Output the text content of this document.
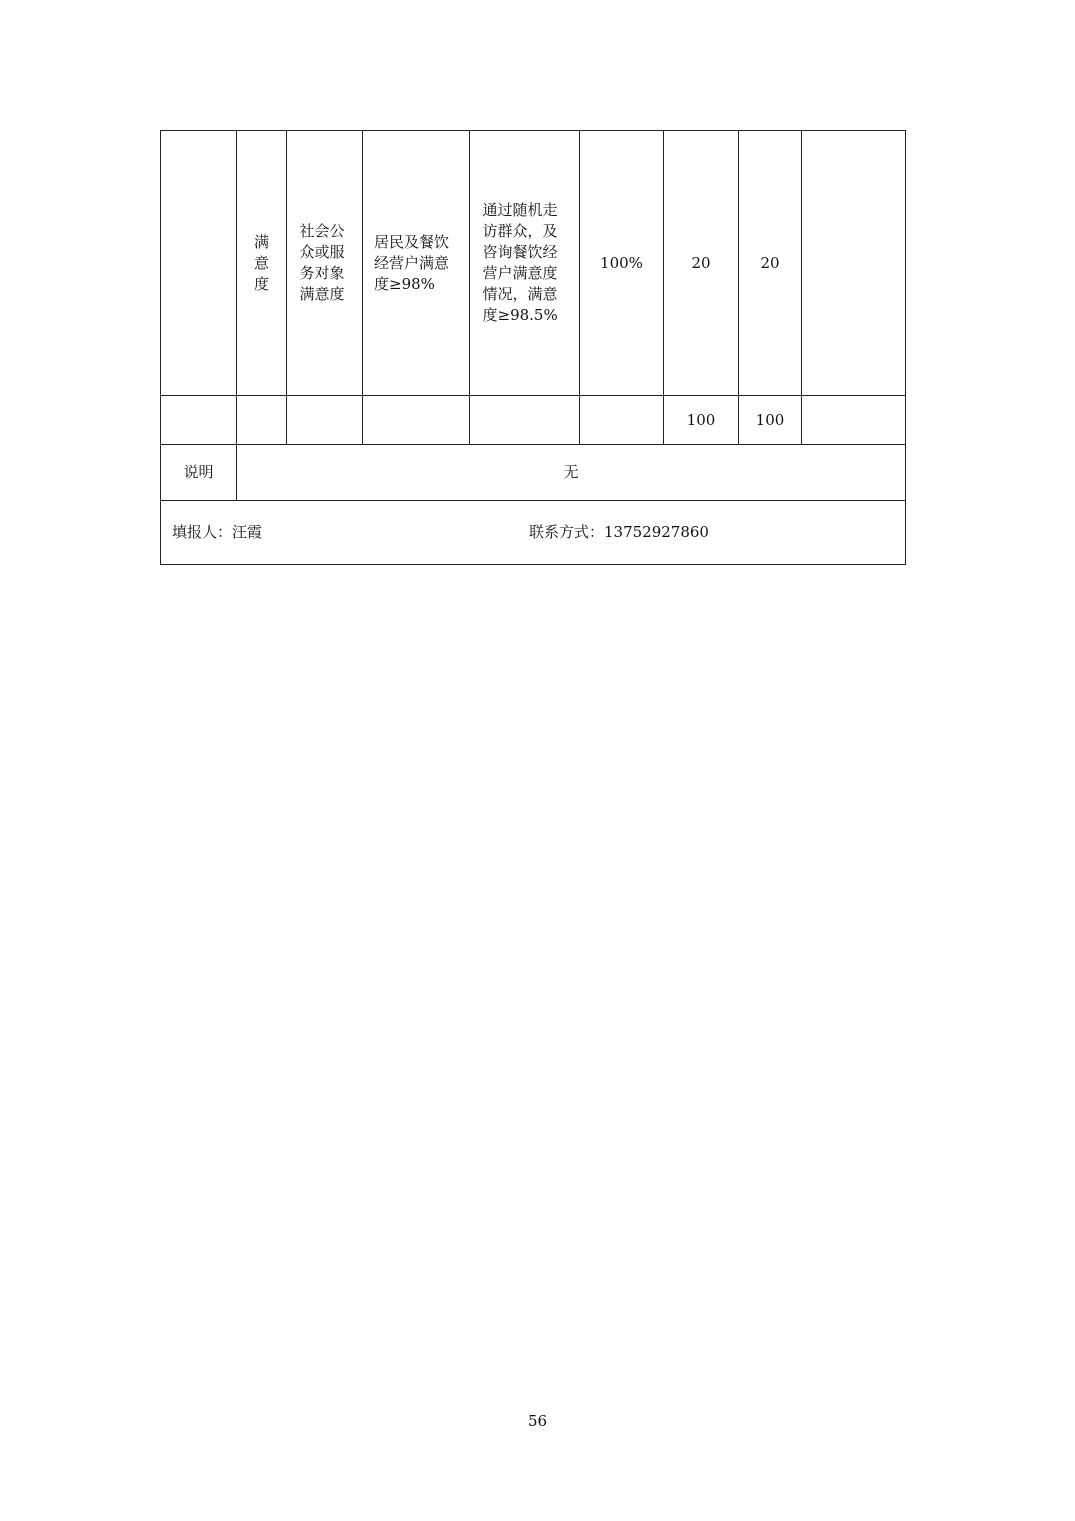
	满意度	社会公众或服务对象满意度	居民及餐饮经营户满意度≥98%	通过随机走访群众，及咨询餐饮经营户满意度情况，满意度≥98.5%	100%	20	20	
						100	100	
说明	无							

填报人：汪霞 联系方式：13752927860								
56
